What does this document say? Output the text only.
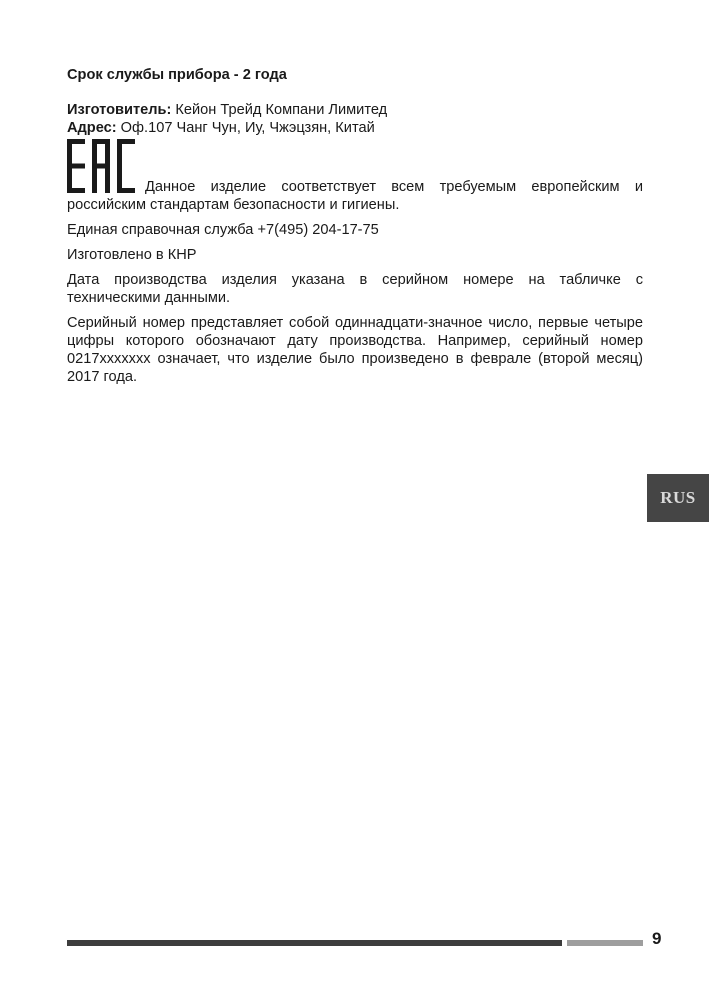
Срок службы прибора - 2 года

Изготовитель: Кейон Трейд Компани Лимитед

Адрес: Оф.107 Чанг Чун, Иу, Чжэцзян, Китай

Данное изделие соответствует всем требуемым европейским и российским стандартам безопасности и гигиены.

Единая справочная служба +7(495) 204-17-75

Изготовлено в КНР

Дата производства изделия указана в серийном номере на табличке с техническими данными.

Серийный номер представляет собой одиннадцати-значное число, первые четыре цифры которого обозначают дату производства. Например, серийный номер 0217xxxxxxx означает, что изделие было произведено в феврале (второй месяц) 2017 года.

RUS
9
